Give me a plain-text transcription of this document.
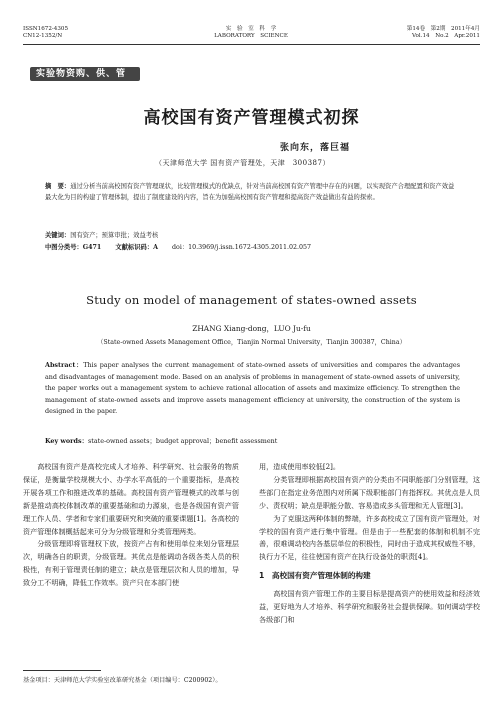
ISSN1672-4305
CN12-1352/N
实　验　室　科　学
LABORATORY　SCIENCE
第14卷　第2期　2011年4月
Vol.14　No.2　Apr.2011
实验物资购、供、管
高校国有资产管理模式初探
张向东，落巨福
（天津师范大学 国有资产管理处，天津　300387）
摘　要：通过分析当前高校国有资产管理现状，比较管理模式的优缺点，针对当前高校国有资产管理中存在的问题，以实现资产合理配置和资产效益最大化为目的构建了管理体制，提出了制度建设的内容，旨在为加强高校国有资产管理和提高资产效益做出有益的探索。
关键词：国有资产；预算审批；效益考核
中图分类号：G471 文献标识码：A doi：10.3969/j.issn.1672-4305.2011.02.057
Study on model of management of states-owned assets
ZHANG Xiang-dong，LUO Ju-fu
（State-owned Assets Management Office，Tianjin Normal University，Tianjin 300387，China）
Abstract：This paper analyses the current management of state-owned assets of universities and compares the advantages and disadvantages of management mode. Based on an analysis of problems in management of state-owned assets of university, the paper works out a management system to achieve rational allocation of assets and maximize efficiency. To strengthen the management of state-owned assets and improve assets management efficiency at university, the construction of the system is designed in the paper.
Key words：state-owned assets；budget approval；benefit assessment

高校国有资产是高校完成人才培养、科学研究、社会服务的物质保证，是衡量学校规模大小、办学水平高低的一个重要指标，是高校开展各项工作和推进改革的基础。高校国有资产管理模式的改革与创新是推动高校体制改革的重要基础和动力源泉，也是各级国有资产管理工作人员、学者和专家们重要研究和突破的重要课题[1]。各高校的资产管理体制概括起来可分为分级管理和分类管理两类。

分级管理即将管理权下放，按资产占有和使用单位来划分管理层次，明确各自的职责，分级管理。其优点是能调动各级各类人员的积极性，有利于管理责任制的建立；缺点是管理层次和人员的增加，导致分工不明确，降低工作效率。资产只在本部门使

用，造成使用率较低[2]。

分类管理即根据高校国有资产的分类由不同职能部门分别管理，这些部门在指定业务范围内对所属下级职能部门有指挥权。其优点是人员少、责权明；缺点是职能分散、容易造成多头管理和无人管理[3]。

为了克服这两种体制的弊端，许多高校成立了国有资产管理处，对学校的国有资产进行集中管理。但是由于一些配套的体制和机制不完善，很难调动校内各基层单位的积极性，同时由于造成其权威性不够，执行力不足，往往使国有资产在执行设备处的职责[4]。

1　高校国有资产管理体制的构建

高校国有资产管理工作的主要目标是提高资产的使用效益和经济效益，更好地为人才培养、科学研究和服务社会提供保障。如何调动学校各级部门和

基金项目：天津师范大学实验室改革研究基金（项目编号：C200902）。
